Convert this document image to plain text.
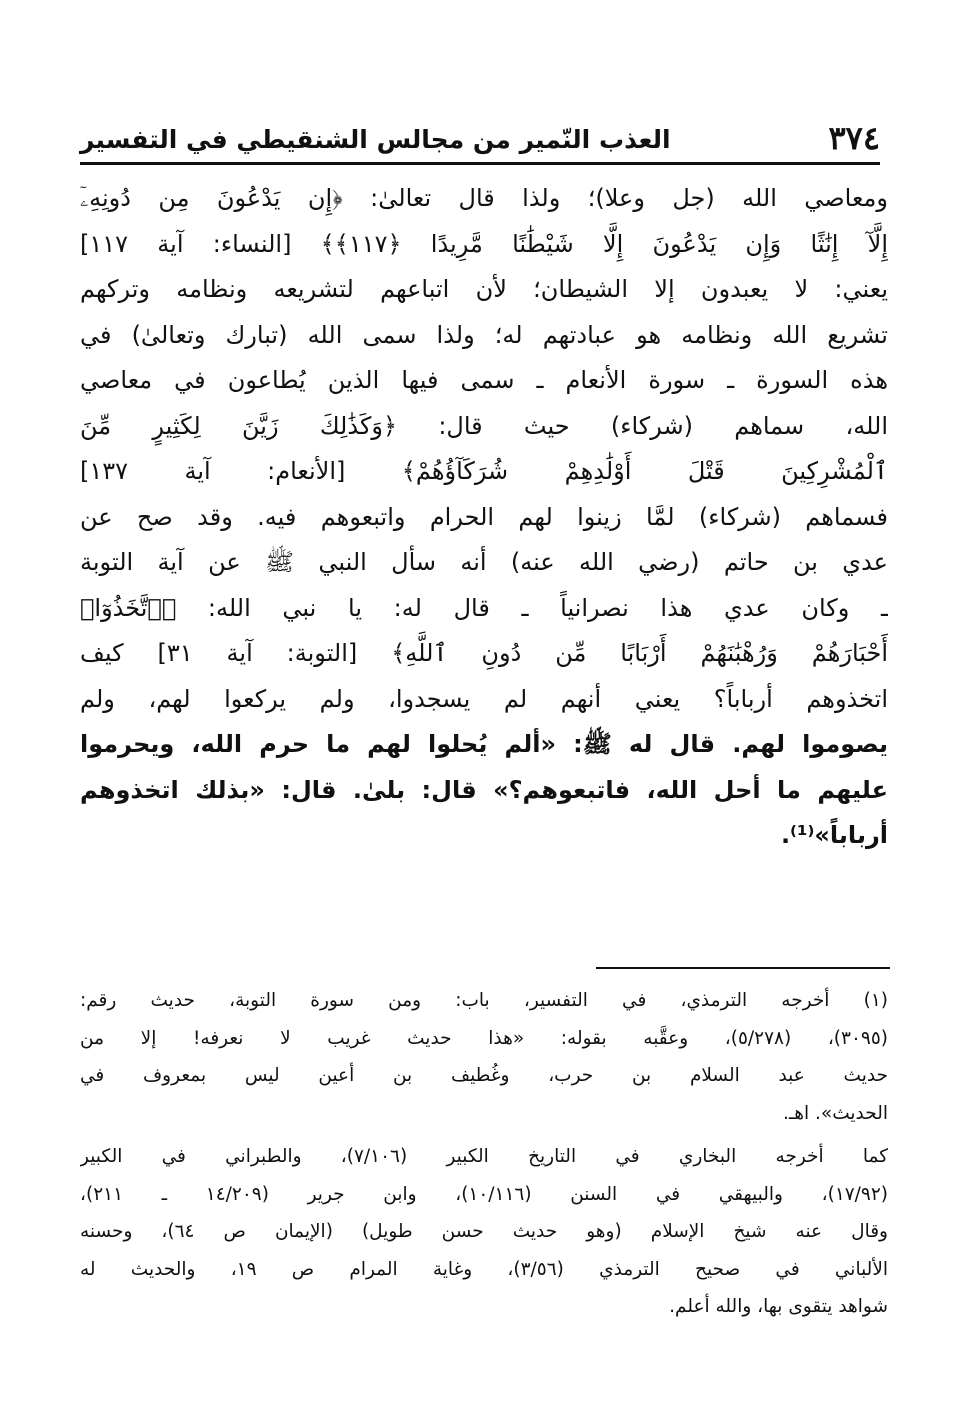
٣٧٤
العذب النّمير من مجالس الشنقيطي في التفسير
ومعاصي الله (جل وعلا)؛ ولذا قال تعالىٰ: ﴿إِن يَدْعُونَ مِن دُونِهِۦٓ
إِلَّآ إِنَٰثًا وَإِن يَدْعُونَ إِلَّا شَيْطَٰنًا مَّرِيدًا ﴿١١٧﴾﴾ [النساء: آية ١١٧]
يعني: لا يعبدون إلا الشيطان؛ لأن اتباعهم لتشريعه ونظامه وتركهم
تشريع الله ونظامه هو عبادتهم له؛ ولذا سمى الله (تبارك وتعالىٰ) في
هذه السورة ـ سورة الأنعام ـ سمى فيها الذين يُطاعون في معاصي
الله، سماهم (شركاء) حيث قال: ﴿وَكَذَٰلِكَ زَيَّنَ لِكَثِيرٍ مِّنَ
ٱلْمُشْرِكِينَ قَتْلَ أَوْلَٰدِهِمْ شُرَكَآؤُهُمْ﴾ [الأنعام: آية ١٣٧]
فسماهم (شركاء) لمَّا زينوا لهم الحرام واتبعوهم فيه. وقد صح عن
عدي بن حاتم (رضي الله عنه) أنه سأل النبي ﷺ عن آية التوبة
ـ وكان عدي هذا نصرانياً ـ قال له: يا نبي الله: ﴿ٱتَّخَذُوٓا۟
أَحْبَارَهُمْ وَرُهْبَٰنَهُمْ أَرْبَابًا مِّن دُونِ ٱللَّهِ﴾ [التوبة: آية ٣١] كيف
اتخذوهم أرباباً؟ يعني أنهم لم يسجدوا، ولم يركعوا لهم، ولم
يصوموا لهم. قال له ﷺ: «ألم يُحلوا لهم ما حرم الله، ويحرموا
عليهم ما أحل الله، فاتبعوهم؟» قال: بلىٰ. قال: «بذلك اتخذوهم
أرباباً»⁽¹⁾.
(١) أخرجه الترمذي، في التفسير، باب: ومن سورة التوبة، حديث رقم:
(٣٠٩٥)، (٥/٢٧٨)، وعقَّبه بقوله: «هذا حديث غريب لا نعرفه! إلا من
حديث عبد السلام بن حرب، وغُطيف بن أعين ليس بمعروف في
الحديث». اهـ.
كما أخرجه البخاري في التاريخ الكبير (٧/١٠٦)، والطبراني في الكبير
(١٧/٩٢)، والبيهقي في السنن (١٠/١١٦)، وابن جرير (١٤/٢٠٩ ـ ٢١١)،
وقال عنه شيخ الإسلام (وهو حديث حسن طويل) (الإيمان ص ٦٤)، وحسنه
الألباني في صحيح الترمذي (٣/٥٦)، وغاية المرام ص ١٩، والحديث له
شواهد يتقوى بها، والله أعلم.
